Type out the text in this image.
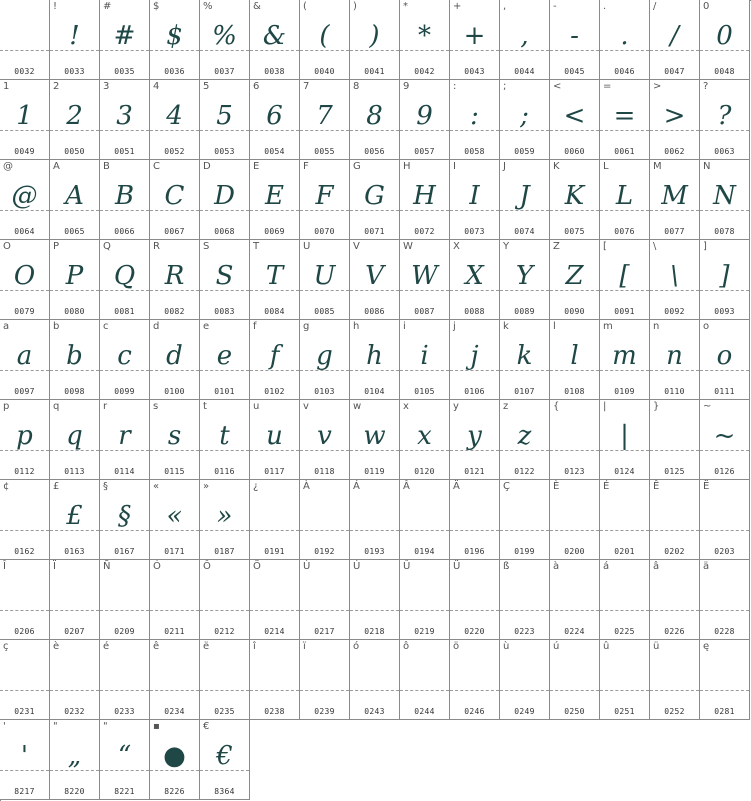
0032
!
!
0033
#
#
0035
$
$
0036
%
%
0037
&
&
0038
(
(
0040
)
)
0041
*
*
0042
+
+
0043
,
,
0044
-
-
0045
.
.
0046
/
/
0047
0
0
0048
1
1
0049
2
2
0050
3
3
0051
4
4
0052
5
5
0053
6
6
0054
7
7
0055
8
8
0056
9
9
0057
:
:
0058
;
;
0059
<
<
0060
=
=
0061
>
>
0062
?
?
0063
@
@
0064
A
A
0065
B
B
0066
C
C
0067
D
D
0068
E
E
0069
F
F
0070
G
G
0071
H
H
0072
I
I
0073
J
J
0074
K
K
0075
L
L
0076
M
M
0077
N
N
0078
O
O
0079
P
P
0080
Q
Q
0081
R
R
0082
S
S
0083
T
T
0084
U
U
0085
V
V
0086
W
W
0087
X
X
0088
Y
Y
0089
Z
Z
0090
[
[
0091
\
\
0092
]
]
0093
a
a
0097
b
b
0098
c
c
0099
d
d
0100
e
e
0101
f
f
0102
g
g
0103
h
h
0104
i
i
0105
j
j
0106
k
k
0107
l
l
0108
m
m
0109
n
n
0110
o
o
0111
p
p
0112
q
q
0113
r
r
0114
s
s
0115
t
t
0116
u
u
0117
v
v
0118
w
w
0119
x
x
0120
y
y
0121
z
z
0122
{
0123
|
|
0124
}
0125
~
~
0126
¢
0162
£
£
0163
§
§
0167
«
«
0171
»
»
0187
¿
0191
À
0192
Á
0193
Â
0194
Ä
0196
Ç
0199
È
0200
É
0201
Ê
0202
Ë
0203
Î
0206
Ï
0207
Ñ
0209
Ó
0211
Ô
0212
Ö
0214
Ù
0217
Ú
0218
Û
0219
Ü
0220
ß
0223
à
0224
á
0225
â
0226
ä
0228
ç
0231
è
0232
é
0233
ê
0234
ë
0235
î
0238
ï
0239
ó
0243
ô
0244
ö
0246
ù
0249
ú
0250
û
0251
ü
0252
ę
0281
'
'
8217
"
„
8220
"
“
8221
▪
●
8226
€
€
8364
